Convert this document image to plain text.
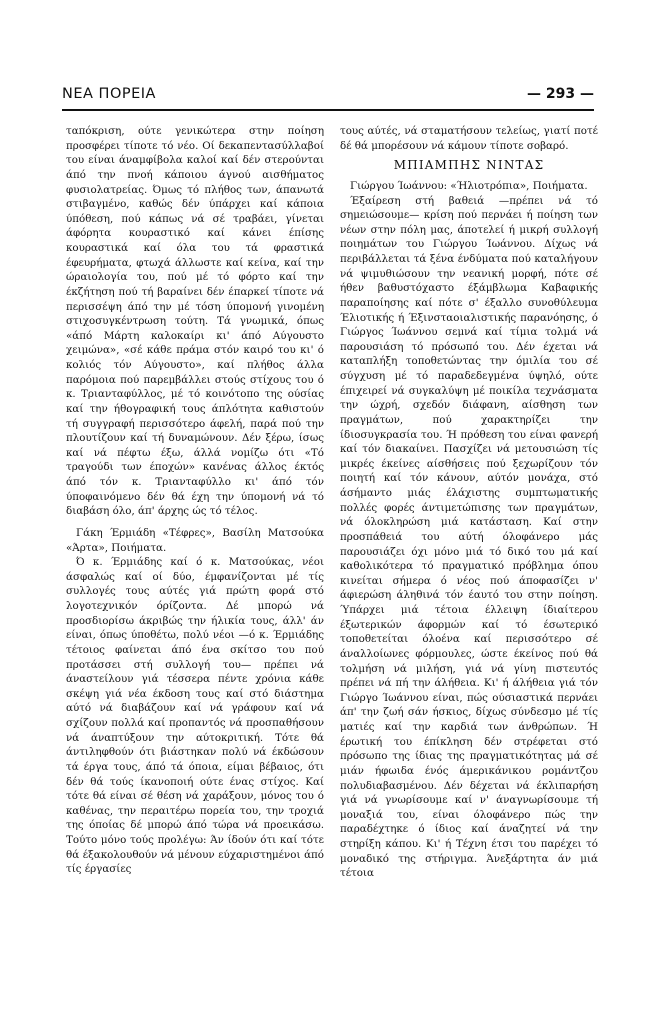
ΝΕΑ ΠΟΡΕΙΑ	— 293 —

ταπόκριση, ούτε γενικώτερα στην ποίηση προσφέρει τίποτε τό νέο. Οί δεκαπεντασύλλαβοί του είναι άναμφίβολα καλοί καί δέν στερούνται άπό την πνοή κάποιου άγνού αισθήματος φυσιολατρείας. Όμως τό πλήθος των, άπανωτά στιβαγμένο, καθώς δέν ύπάρχει καί κάποια ύπόθεση, πού κάπως νά σέ τραβάει, γίνεται άφόρητα κουραστικό καί κάνει έπίσης κουραστικά καί όλα του τά φραστικά έφευρήματα, φτωχά άλλωστε καί κείνα, καί την ώραιολογία του, πού μέ τό φόρτο καί την έκζήτηση πού τή βαραίνει δέν έπαρκεί τίποτε νά περισσέψη άπό την μέ τόση ύπομονή γινομένη στιχοσυγκέντρωση τούτη. Τά γνωμικά, όπως «άπό Μάρτη καλοκαίρι κι' άπό Αύγουστο χειμώνα», «σέ κάθε πράμα στόν καιρό του κι' ό κολιός τόν Αύγουστο», καί πλήθος άλλα παρόμοια πού παρεμβάλλει στούς στίχους του ό κ. Τριανταφύλλος, μέ τό κοινότοπο της ούσίας καί την ήθογραφική τους άπλότητα καθιστούν τή συγγραφή περισσότερο άφελή, παρά πού την πλουτίζουν καί τή δυναμώνουν. Δέν ξέρω, ίσως καί νά πέφτω έξω, άλλά νομίζω ότι «Τό τραγούδι των έποχών» κανένας άλλος έκτός άπό τόν κ. Τριανταφύλλο κι' άπό τόν ύποφαινόμενο δέν θά έχη την ύπομονή νά τό διαβάση όλο, άπ' άρχης ώς τό τέλος.

Γάκη Έρμιάδη «Τέφρες», Βασίλη Ματσούκα «Άρτα», Ποιήματα.

Ό κ. Έρμιάδης καί ό κ. Ματσούκας, νέοι άσφαλώς καί οί δύο, έμφανίζονται μέ τίς συλλογές τους αύτές γιά πρώτη φορά στό λογοτεχνικόν όρίζοντα. Δέ μπορώ νά προσδιορίσω άκριβώς την ήλικία τους, άλλ' άν είναι, όπως ύποθέτω, πολύ νέοι —ό κ. Έρμιάδης τέτοιος φαίνεται άπό ένα σκίτσο του πού προτάσσει στή συλλογή του— πρέπει νά άναστείλουν γιά τέσσερα πέντε χρόνια κάθε σκέψη γιά νέα έκδοση τους καί στό διάστημα αύτό νά διαβάζουν καί νά γράφουν καί νά σχίζουν πολλά καί προπαντός νά προσπαθήσουν νά άναπτύξουν την αύτοκριτική. Τότε θά άντιληφθούν ότι βιάστηκαν πολύ νά έκδώσουν τά έργα τους, άπό τά όποια, είμαι βέβαιος, ότι δέν θά τούς ίκανοποιή ούτε ένας στίχος. Καί τότε θά είναι σέ θέση νά χαράξουν, μόνος του ό καθένας, την περαιτέρω πορεία του, την τροχιά της όποίας δέ μπορώ άπό τώρα νά προεικάσω. Τούτο μόνο τούς προλέγω: Άν ίδούν ότι καί τότε θά έξακολουθούν νά μένουν εύχαριστημένοι άπό τίς έργασίες

τους αύτές, νά σταματήσουν τελείως, γιατί ποτέ δέ θά μπορέσουν νά κάμουν τίποτε σοβαρό.

ΜΠΙΑΜΠΗΣ ΝΙΝΤΑΣ

Γιώργου Ίωάννου: «Ήλιοτρόπια», Ποιήματα.

Έξαίρεση στή βαθειά —πρέπει νά τό σημειώσουμε— κρίση πού περνάει ή ποίηση των νέων στην πόλη μας, άποτελεί ή μικρή συλλογή ποιημάτων του Γιώργου Ίωάννου. Δίχως νά περιβάλλεται τά ξένα ένδύματα πού καταλήγουν νά ψιμυθιώσουν την νεανική μορφή, πότε σέ ήθεν βαθυστόχαστο έξάμβλωμα Καβαφικής παραποίησης καί πότε σ' έξαλλο συνοθύλευμα Έλιοτικής ή Έξινσταοιαλιστικής παρανόησης, ό Γιώργος Ίωάννου σεμνά καί τίμια τολμά νά παρουσιάση τό πρόσωπό του. Δέν έχεται νά καταπλήξη τοποθετώντας την όμιλία του σέ σύγχυση μέ τό παραδεδεγμένα ύψηλό, ούτε έπιχειρεί νά συγκαλύψη μέ ποικίλα τεχνάσματα την ώχρή, σχεδόν διάφανη, αίσθηση των πραγμάτων, πού χαρακτηρίζει την ίδιοσυγκρασία του. Ή πρόθεση του είναι φανερή καί τόν διακαίνει. Πασχίζει νά μετουσιώση τίς μικρές έκείνες αίσθήσεις πού ξεχωρίζουν τόν ποιητή καί τόν κάνουν, αύτόν μονάχα, στό άσήμαντο μιάς έλάχιστης συμπτωματικής πολλές φορές άντιμετώπισης των πραγμάτων, νά όλοκληρώση μιά κατάσταση. Καί στην προσπάθειά του αύτή όλοφάνερο μάς παρουσιάζει όχι μόνο μιά τό δικό του μά καί καθολικότερα τό πραγματικό πρόβλημα όπου κινείται σήμερα ό νέος πού άποφασίζει ν' άφιερώση άληθινά τόν έαυτό του στην ποίηση. Ύπάρχει μιά τέτοια έλλειψη ίδιαίτερου έξωτερικών άφορμών καί τό έσωτερικό τοποθετείται όλοένα καί περισσότερο σέ άναλλοίωνες φόρμουλες, ώστε έκείνος πού θά τολμήση νά μιλήση, γιά νά γίνη πιστευτός πρέπει νά πή την άλήθεια. Κι' ή άλήθεια γιά τόν Γιώργο Ίωάννου είναι, πώς ούσιαστικά περνάει άπ' την ζωή σάν ήσκιος, δίχως σύνδεσμο μέ τίς ματιές καί την καρδιά των άνθρώπων. Ή έρωτική του έπίκληση δέν στρέφεται στό πρόσωπο της ίδιας της πραγματικότητας μά σέ μιάν ήφωιδα ένός άμερικάνικου ρομάντζου πολυδιαβασμένου. Δέν δέχεται νά έκλιπαρήση γιά νά γνωρίσουμε καί ν' άναγνωρίσουμε τή μοναξιά του, είναι όλοφάνερο πώς την παραδέχτηκε ό ίδιος καί άναζητεί νά την στηρίξη κάπου. Κι' ή Τέχνη έτσι του παρέχει τό μοναδικό της στήριγμα. Άνεξάρτητα άν μιά τέτοια
